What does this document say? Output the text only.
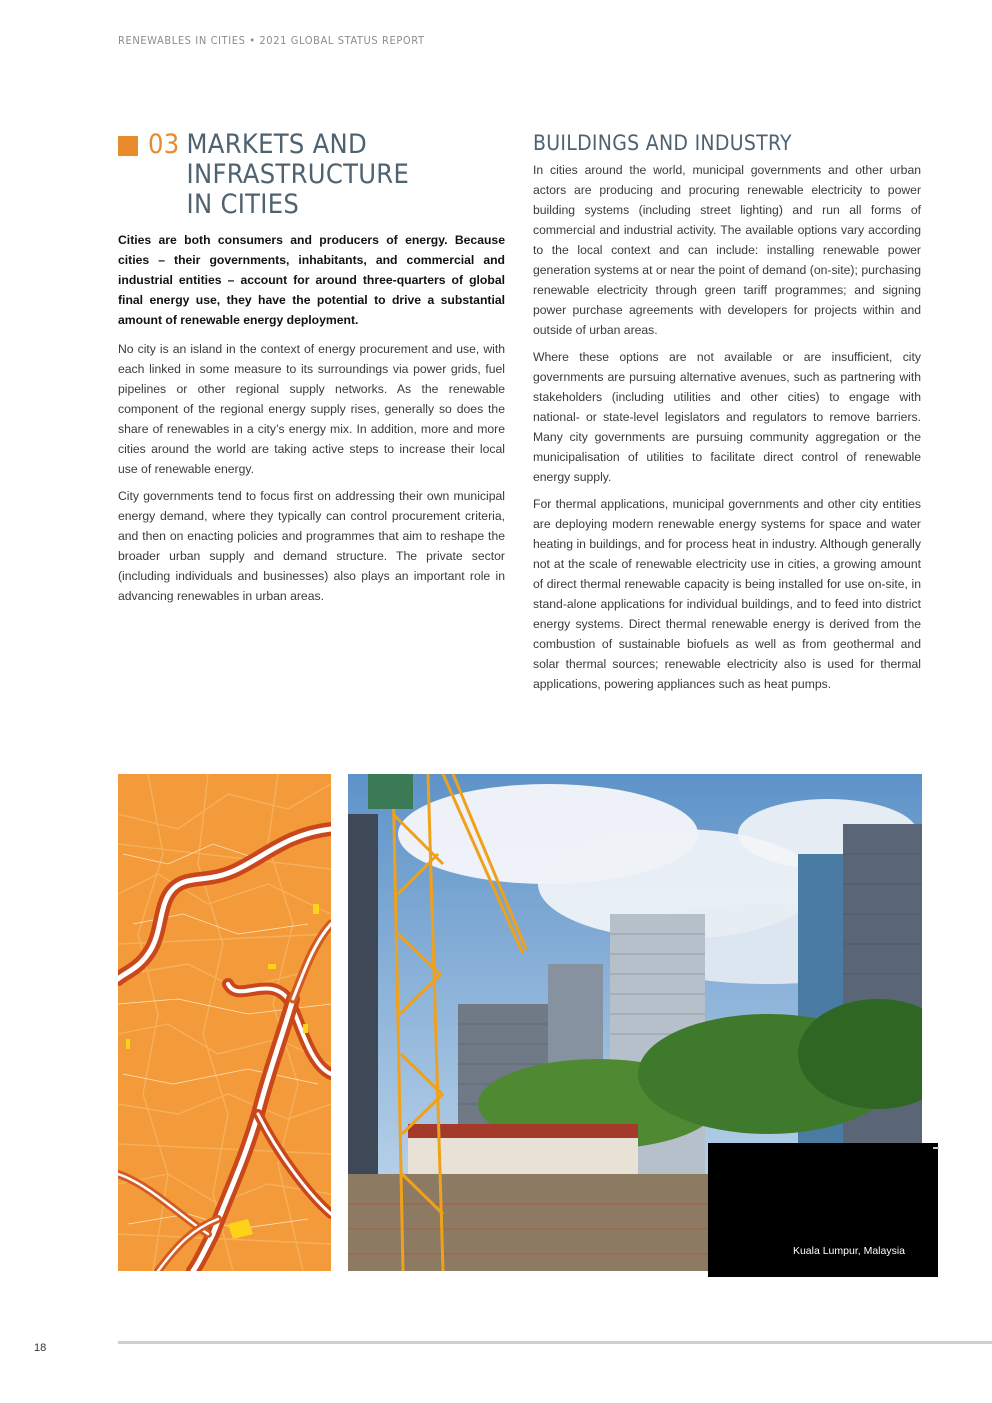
RENEWABLES IN CITIES • 2021 GLOBAL STATUS REPORT
03 MARKETS AND INFRASTRUCTURE
IN CITIES

Cities are both consumers and producers of energy. Because cities – their governments, inhabitants, and commercial and industrial entities – account for around three-quarters of global final energy use, they have the potential to drive a substantial amount of renewable energy deployment.

No city is an island in the context of energy procurement and use, with each linked in some measure to its surroundings via power grids, fuel pipelines or other regional supply networks. As the renewable component of the regional energy supply rises, generally so does the share of renewables in a city’s energy mix. In addition, more and more cities around the world are taking active steps to increase their local use of renewable energy.

City governments tend to focus first on addressing their own municipal energy demand, where they typically can control procurement criteria, and then on enacting policies and programmes that aim to reshape the broader urban supply and demand structure. The private sector (including individuals and businesses) also plays an important role in advancing renewables in urban areas.

BUILDINGS AND INDUSTRY

In cities around the world, municipal governments and other urban actors are producing and procuring renewable electricity to power building systems (including street lighting) and run all forms of commercial and industrial activity. The available options vary according to the local context and can include: installing renewable power generation systems at or near the point of demand (on-site); purchasing renewable electricity through green tariff programmes; and signing power purchase agreements with developers for projects within and outside of urban areas.

Where these options are not available or are insufficient, city governments are pursuing alternative avenues, such as partnering with stakeholders (including utilities and other cities) to engage with national- or state-level legislators and regulators to remove barriers. Many city governments are pursuing community aggregation or the municipalisation of utilities to facilitate direct control of renewable energy supply.

For thermal applications, municipal governments and other city entities are deploying modern renewable energy systems for space and water heating in buildings, and for process heat in industry. Although generally not at the scale of renewable electricity use in cities, a growing amount of direct thermal renewable capacity is being installed for use on-site, in stand-alone applications for individual buildings, and to feed into district energy systems. Direct thermal renewable energy is derived from the combustion of sustainable biofuels as well as from geothermal and solar thermal sources; renewable electricity also is used for thermal applications, powering appliances such as heat pumps.

Kuala Lumpur, Malaysia
18
